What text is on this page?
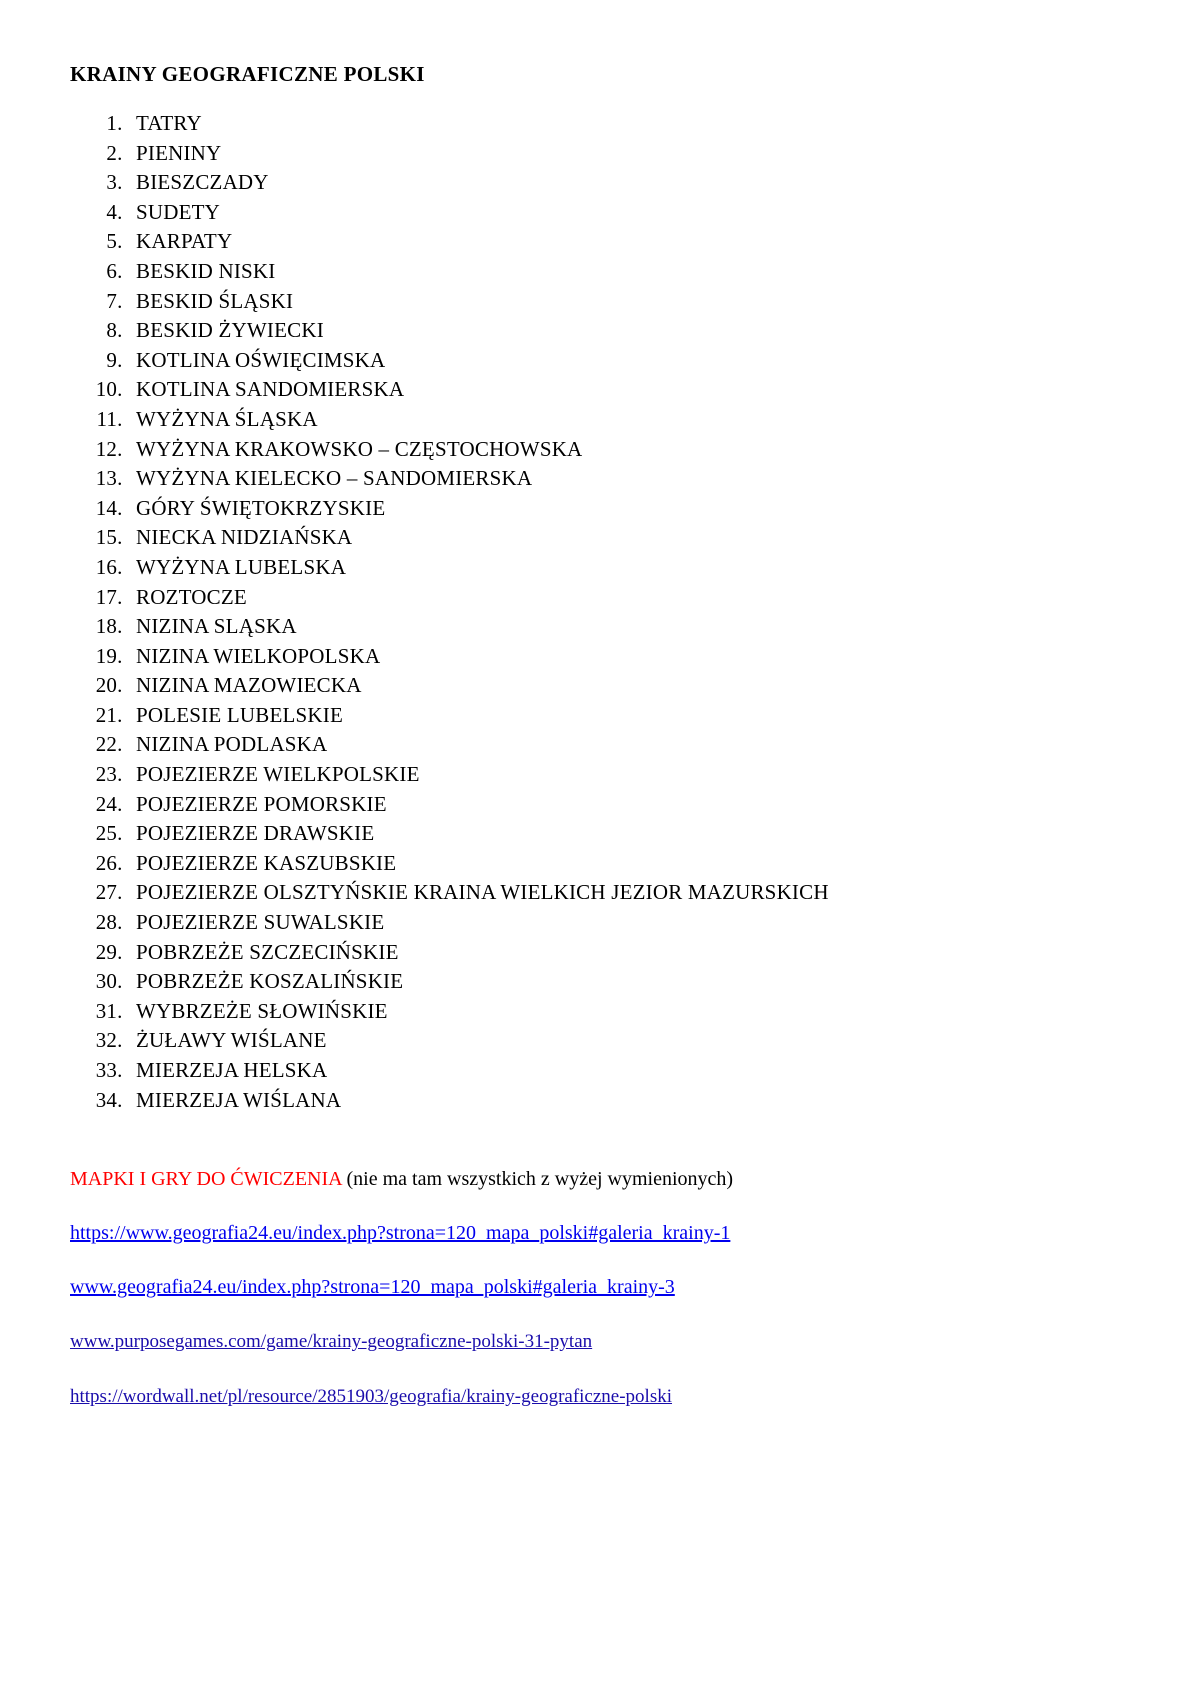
KRAINY GEOGRAFICZNE POLSKI
1. TATRY
2. PIENINY
3. BIESZCZADY
4. SUDETY
5. KARPATY
6. BESKID NISKI
7. BESKID ŚLĄSKI
8. BESKID ŻYWIECKI
9. KOTLINA OŚWIĘCIMSKA
10. KOTLINA SANDOMIERSKA
11. WYŻYNA ŚLĄSKA
12. WYŻYNA KRAKOWSKO – CZĘSTOCHOWSKA
13. WYŻYNA KIELECKO – SANDOMIERSKA
14. GÓRY ŚWIĘTOKRZYSKIE
15. NIECKA NIDZIAŃSKA
16. WYŻYNA LUBELSKA
17. ROZTOCZE
18. NIZINA SLĄSKA
19. NIZINA WIELKOPOLSKA
20. NIZINA MAZOWIECKA
21. POLESIE LUBELSKIE
22. NIZINA PODLASKA
23. POJEZIERZE WIELKPOLSKIE
24. POJEZIERZE POMORSKIE
25. POJEZIERZE DRAWSKIE
26. POJEZIERZE KASZUBSKIE
27. POJEZIERZE OLSZTYŃSKIE KRAINA WIELKICH JEZIOR MAZURSKICH
28. POJEZIERZE SUWALSKIE
29. POBRZEŻE SZCZECIŃSKIE
30. POBRZEŻE KOSZALIŃSKIE
31. WYBRZEŻE SŁOWIŃSKIE
32. ŻUŁAWY WIŚLANE
33. MIERZEJA HELSKA
34. MIERZEJA WIŚLANA

MAPKI I GRY DO ĆWICZENIA (nie ma tam wszystkich z wyżej wymienionych)

https://www.geografia24.eu/index.php?strona=120_mapa_polski#galeria_krainy-1

www.geografia24.eu/index.php?strona=120_mapa_polski#galeria_krainy-3

www.purposegames.com/game/krainy-geograficzne-polski-31-pytan

https://wordwall.net/pl/resource/2851903/geografia/krainy-geograficzne-polski
